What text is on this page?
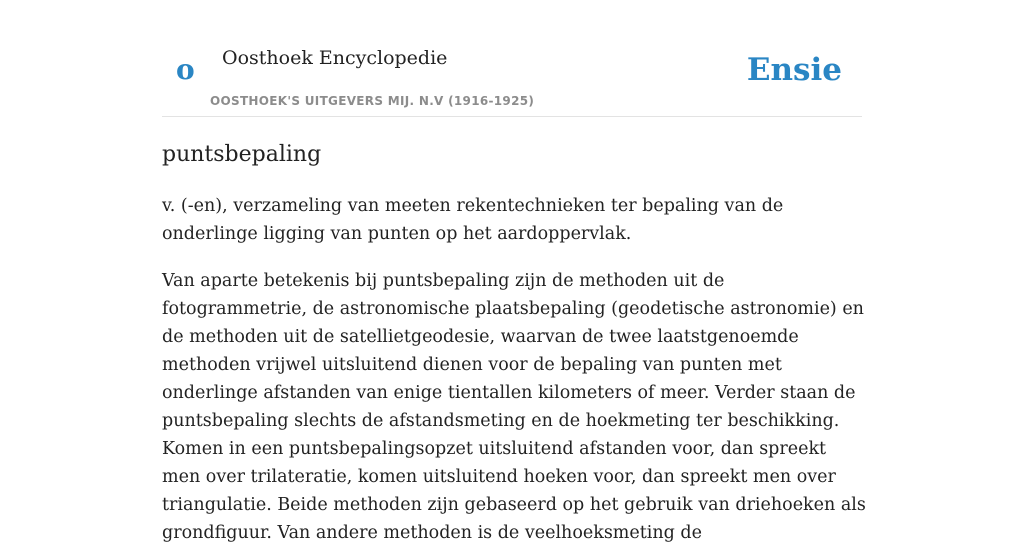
o Oosthoek Encyclopedie
OOSTHOEK'S UITGEVERS MIJ. N.V (1916-1925)
Ensie
puntsbepaling

v. (-en), verzameling van meeten rekentechnieken ter bepaling van de onderlinge ligging van punten op het aardoppervlak.

Van aparte betekenis bij puntsbepaling zijn de methoden uit de fotogrammetrie, de astronomische plaatsbepaling (geodetische astronomie) en de methoden uit de satellietgeodesie, waarvan de twee laatstgenoemde methoden vrijwel uitsluitend dienen voor de bepaling van punten met onderlinge afstanden van enige tientallen kilometers of meer. Verder staan de puntsbepaling slechts de afstandsmeting en de hoekmeting ter beschikking. Komen in een puntsbepalingsopzet uitsluitend afstanden voor, dan spreekt men over trilateratie, komen uitsluitend hoeken voor, dan spreekt men over triangulatie. Beide methoden zijn gebaseerd op het gebruik van driehoeken als grondfiguur. Van andere methoden is de veelhoeksmeting de
